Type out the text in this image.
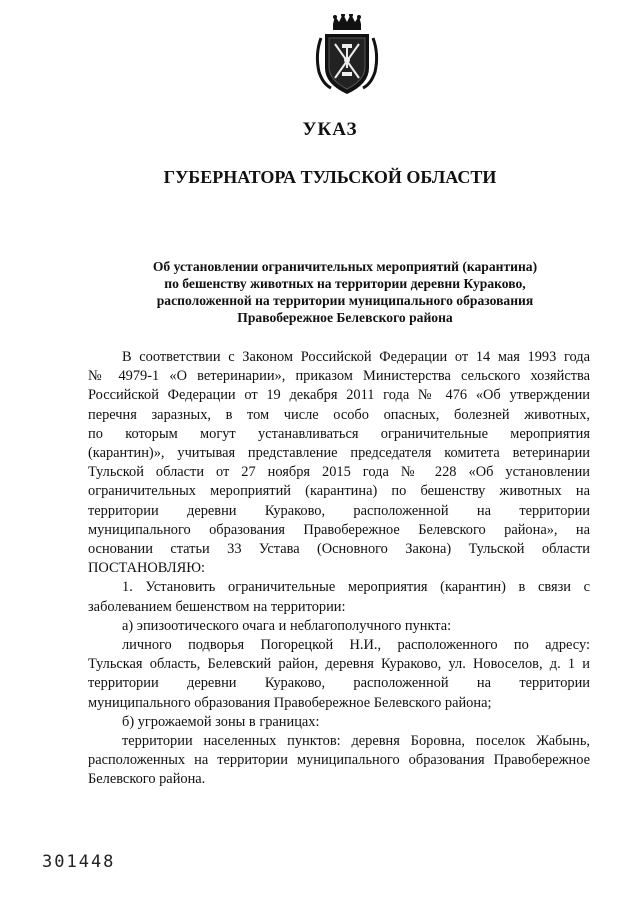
УКАЗ
ГУБЕРНАТОРА ТУЛЬСКОЙ ОБЛАСТИ
Об установлении ограничительных мероприятий (карантина)
по бешенству животных на территории деревни Кураково,
расположенной на территории муниципального образования
Правобережное Белевского района
В соответствии с Законом Российской Федерации от 14 мая 1993 года
№ 4979-1 «О ветеринарии», приказом Министерства сельского хозяйства
Российской Федерации от 19 декабря 2011 года № 476 «Об утверждении
перечня заразных, в том числе особо опасных, болезней животных,
по которым могут устанавливаться ограничительные мероприятия
(карантин)», учитывая представление председателя комитета ветеринарии
Тульской области от 27 ноября 2015 года № 228 «Об установлении
ограничительных мероприятий (карантина) по бешенству животных на
территории деревни Кураково, расположенной на территории
муниципального образования Правобережное Белевского района», на
основании статьи 33 Устава (Основного Закона) Тульской области
ПОСТАНОВЛЯЮ:
1. Установить ограничительные мероприятия (карантин) в связи с
заболеванием бешенством на территории:
а) эпизоотического очага и неблагополучного пункта:
личного подворья Погорецкой Н.И., расположенного по адресу:
Тульская область, Белевский район, деревня Кураково, ул. Новоселов, д. 1 и
территории деревни Кураково, расположенной на территории
муниципального образования Правобережное Белевского района;
б) угрожаемой зоны в границах:
территории населенных пунктов: деревня Боровна, поселок Жабынь,
расположенных на территории муниципального образования Правобережное
Белевского района.
301448
